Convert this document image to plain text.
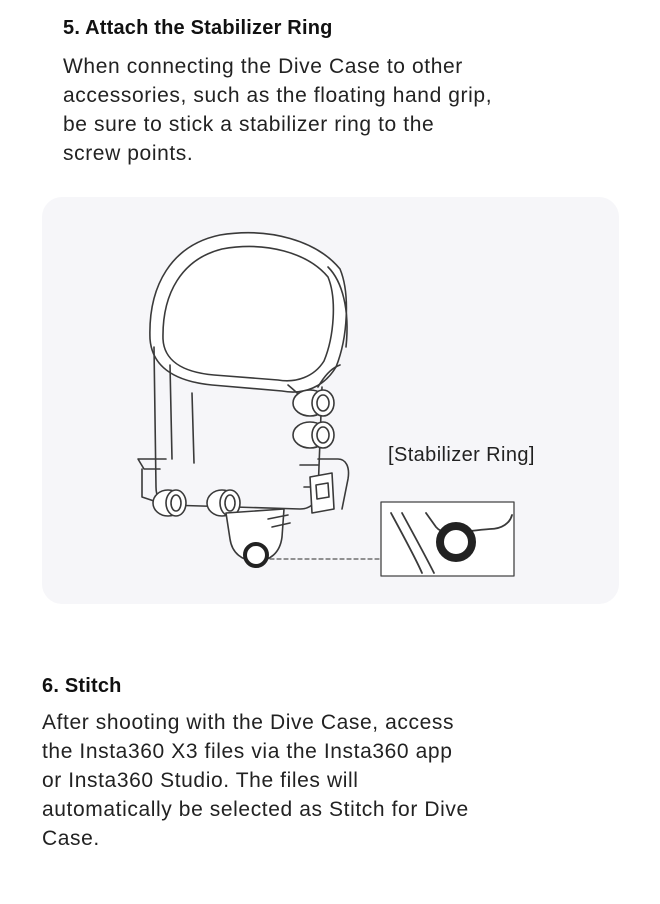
5. Attach the Stabilizer Ring

When connecting the Dive Case to other
accessories, such as the floating hand grip,
be sure to stick a stabilizer ring to the
screw points.

[Stabilizer Ring]
6. Stitch

After shooting with the Dive Case, access
the Insta360 X3 files via the Insta360 app
or Insta360 Studio. The files will
automatically be selected as Stitch for Dive
Case.
